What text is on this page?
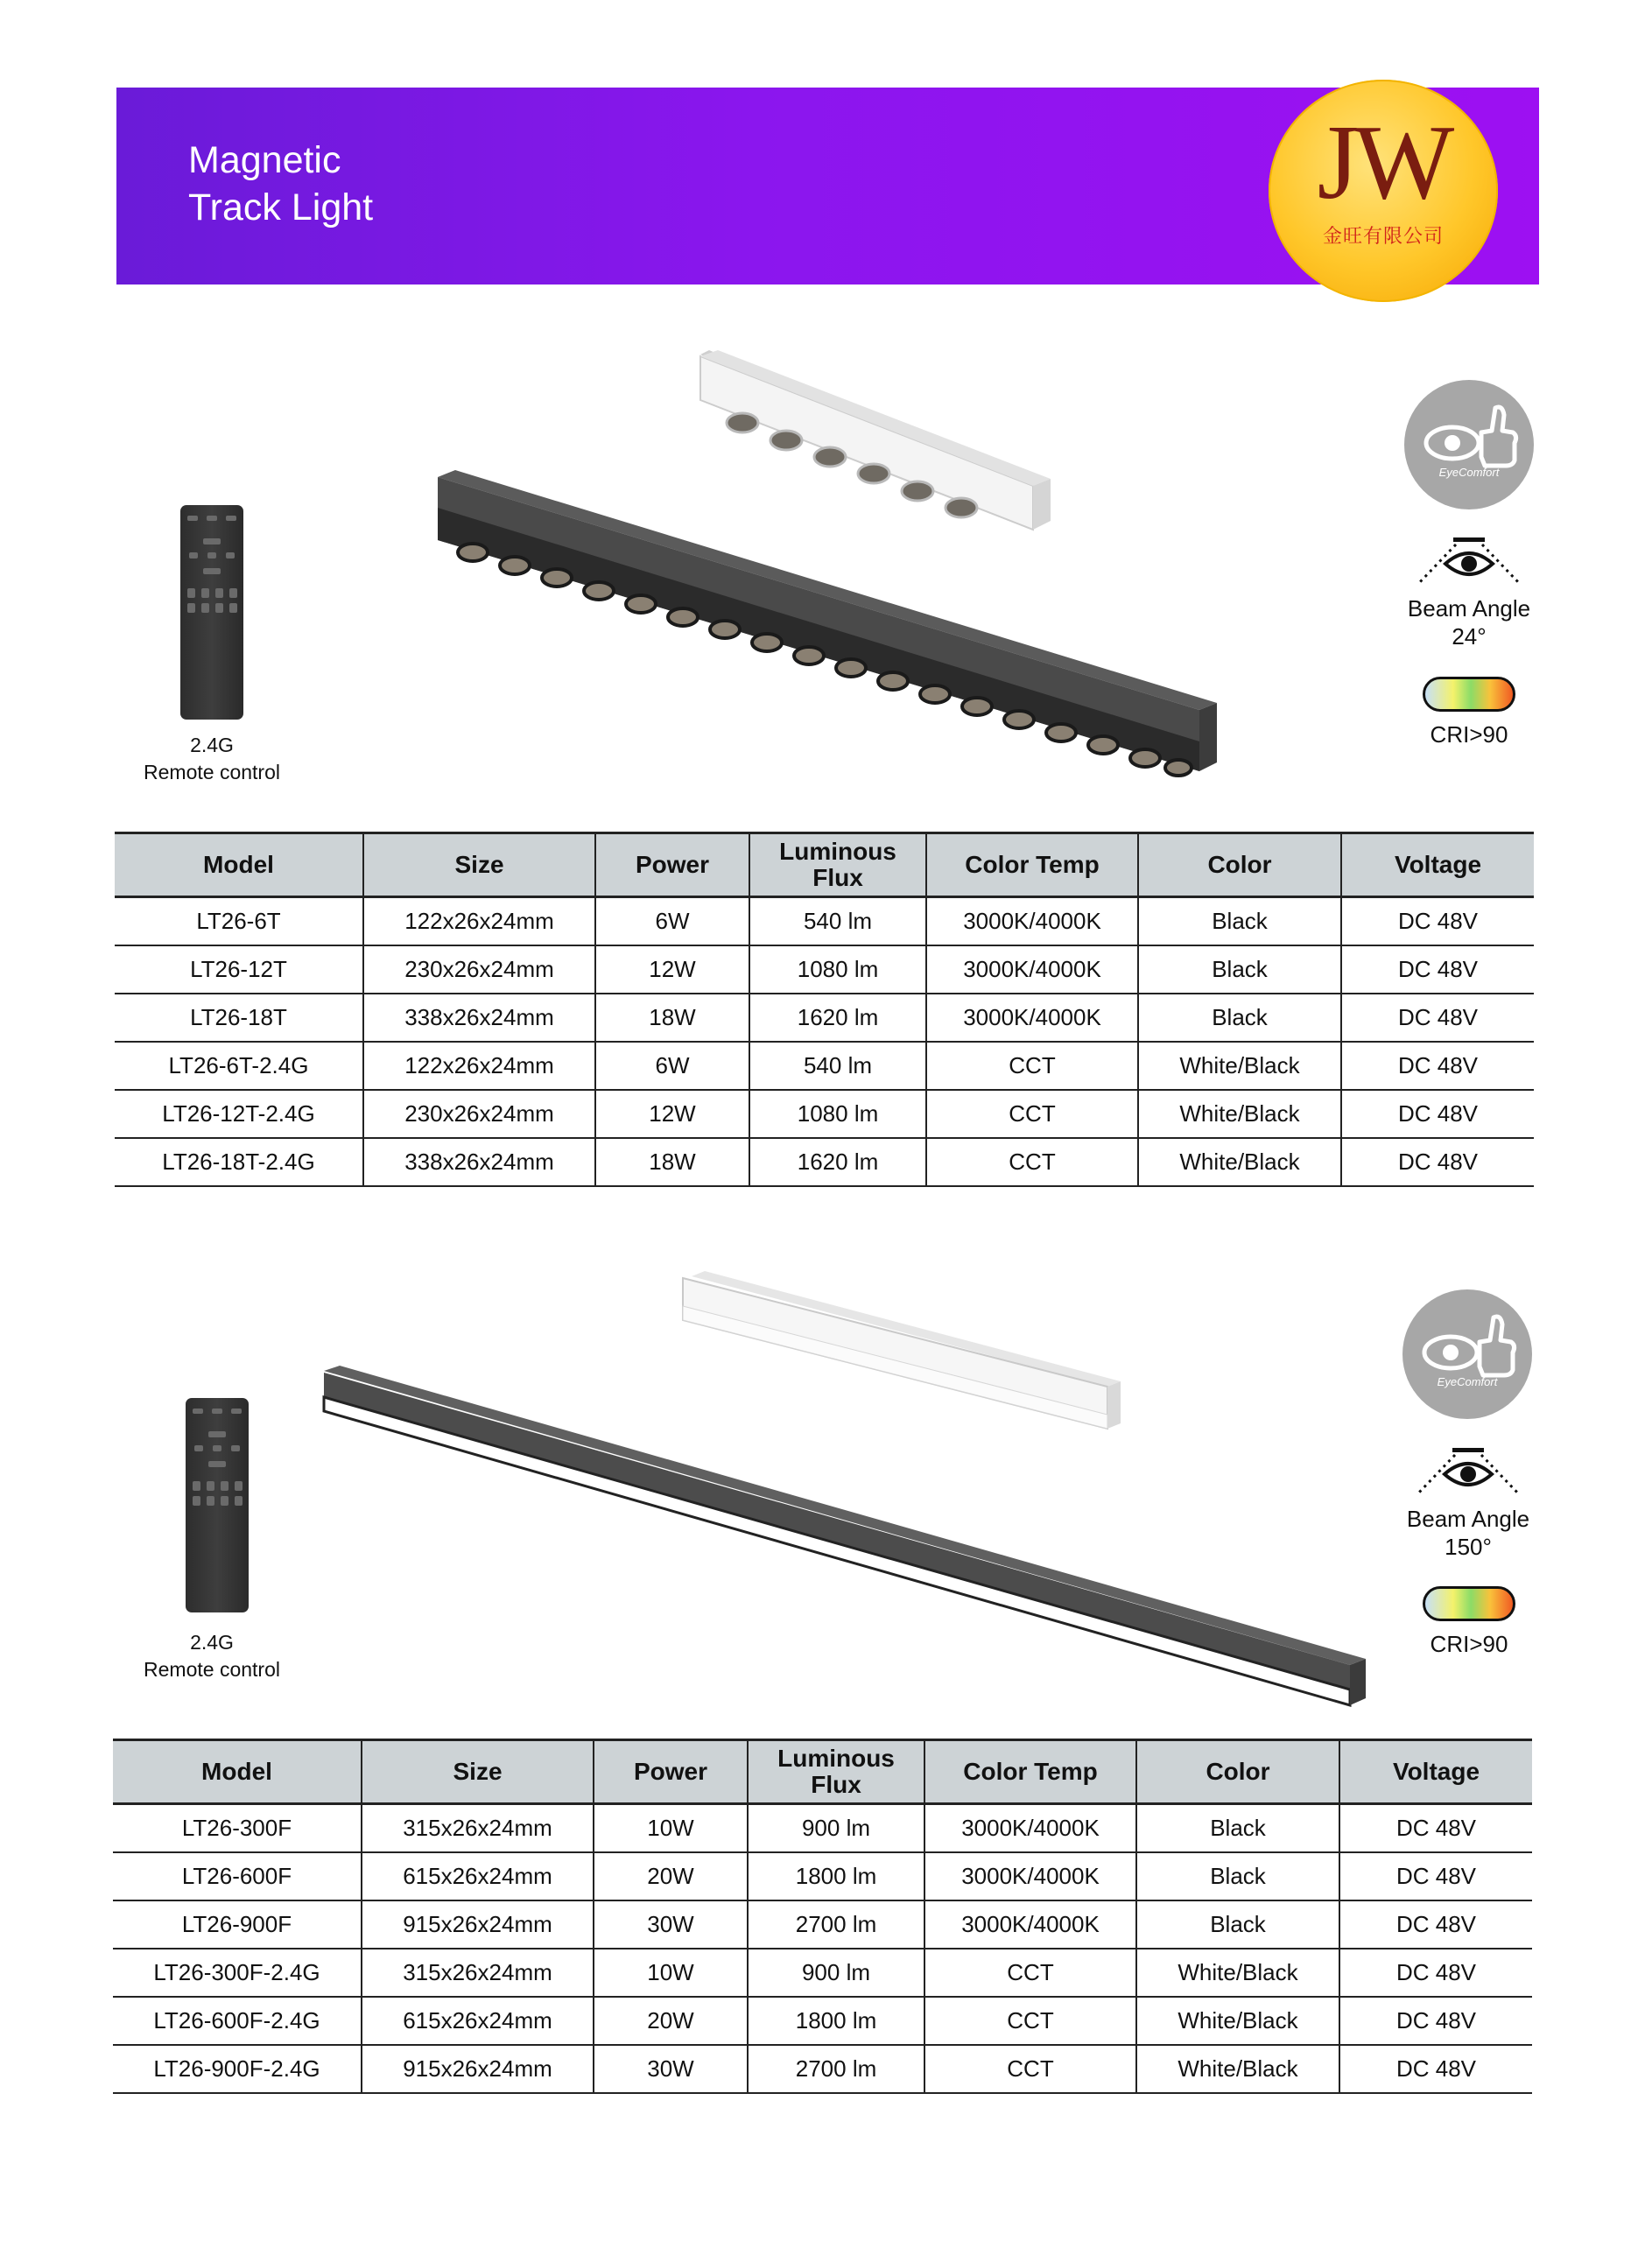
Magnetic
Track Light	JW
金旺有限公司
2.4G
Remote control
EyeComfort
Beam Angle
24°
CRI>90
Model	Size	Power	Luminous Flux	Color Temp	Color	Voltage
LT26-6T	122x26x24mm	6W	540 lm	3000K/4000K	Black	DC 48V
LT26-12T	230x26x24mm	12W	1080 lm	3000K/4000K	Black	DC 48V
LT26-18T	338x26x24mm	18W	1620 lm	3000K/4000K	Black	DC 48V
LT26-6T-2.4G	122x26x24mm	6W	540 lm	CCT	White/Black	DC 48V
LT26-12T-2.4G	230x26x24mm	12W	1080 lm	CCT	White/Black	DC 48V
LT26-18T-2.4G	338x26x24mm	18W	1620 lm	CCT	White/Black	DC 48V
2.4G
Remote control
EyeComfort
Beam Angle
150°
CRI>90
Model	Size	Power	Luminous Flux	Color Temp	Color	Voltage
LT26-300F	315x26x24mm	10W	900 lm	3000K/4000K	Black	DC 48V
LT26-600F	615x26x24mm	20W	1800 lm	3000K/4000K	Black	DC 48V
LT26-900F	915x26x24mm	30W	2700 lm	3000K/4000K	Black	DC 48V
LT26-300F-2.4G	315x26x24mm	10W	900 lm	CCT	White/Black	DC 48V
LT26-600F-2.4G	615x26x24mm	20W	1800 lm	CCT	White/Black	DC 48V
LT26-900F-2.4G	915x26x24mm	30W	2700 lm	CCT	White/Black	DC 48V
